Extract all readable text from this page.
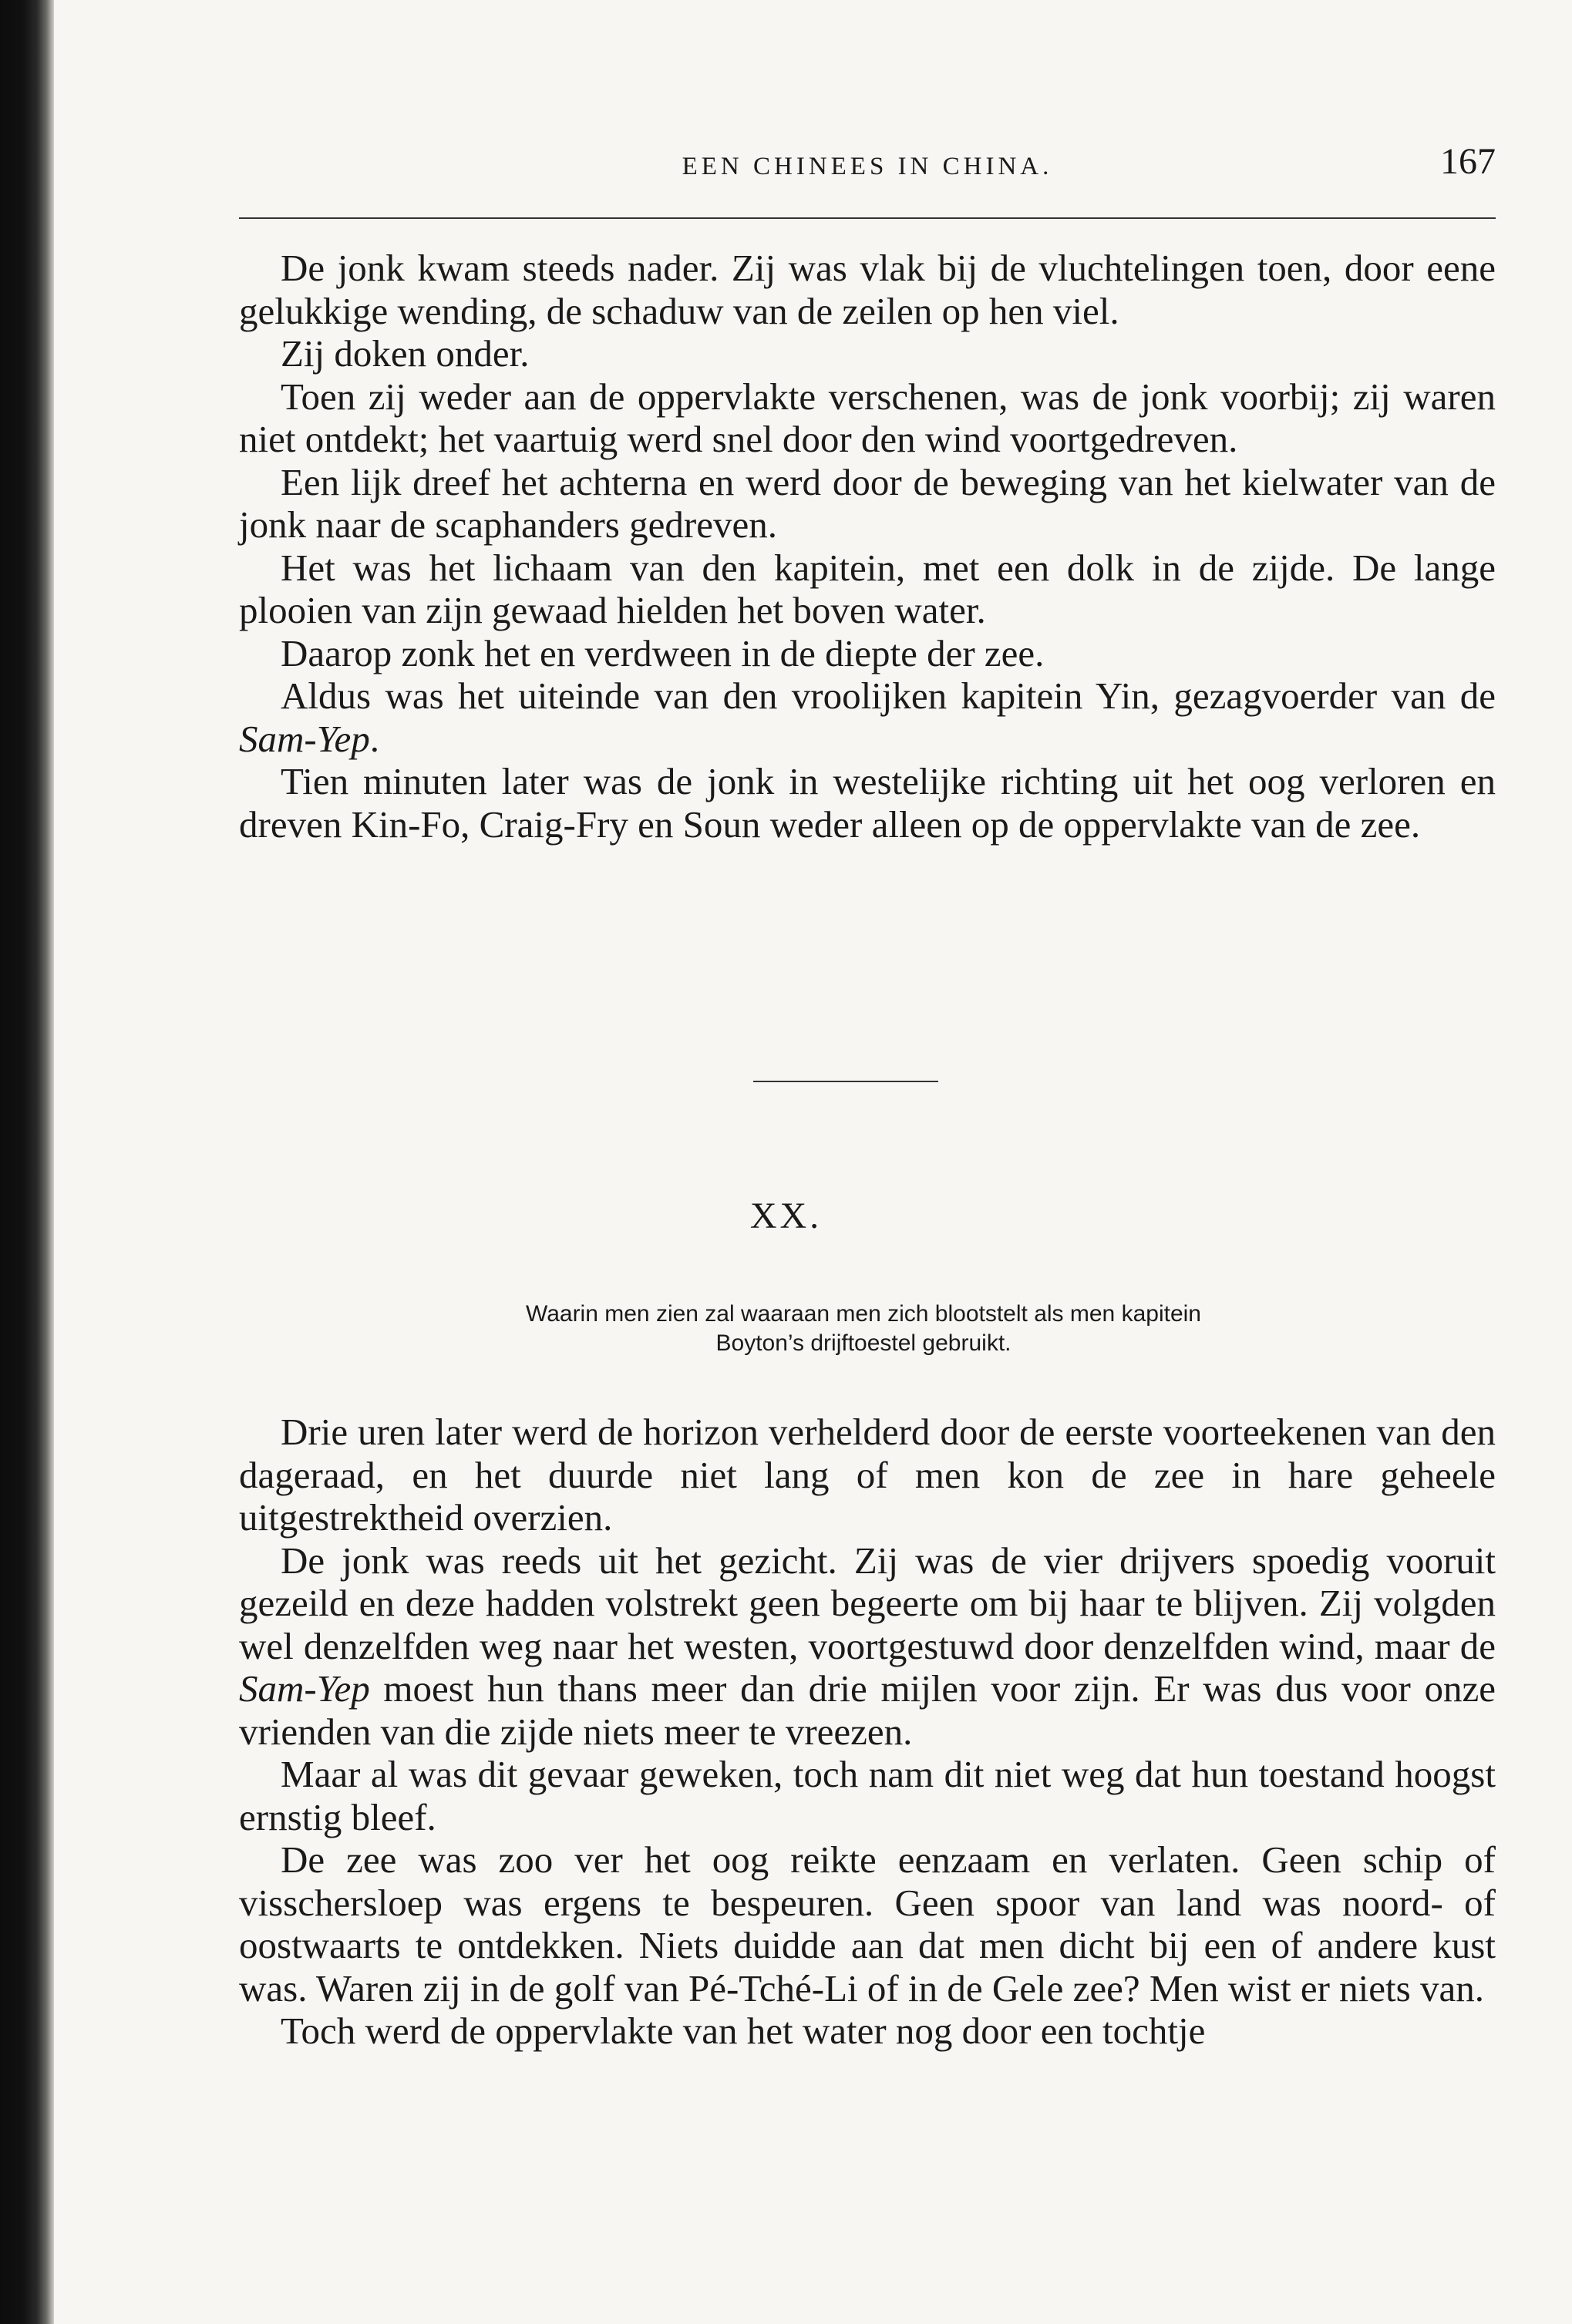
EEN CHINEES IN CHINA.	167

De jonk kwam steeds nader. Zij was vlak bij de vluchtelingen toen, door eene gelukkige wending, de schaduw van de zeilen op hen viel.

Zij doken onder.

Toen zij weder aan de oppervlakte verschenen, was de jonk voorbij; zij waren niet ontdekt; het vaartuig werd snel door den wind voortgedreven.

Een lijk dreef het achterna en werd door de beweging van het kielwater van de jonk naar de scaphanders gedreven.

Het was het lichaam van den kapitein, met een dolk in de zijde. De lange plooien van zijn gewaad hielden het boven water.

Daarop zonk het en verdween in de diepte der zee.

Aldus was het uiteinde van den vroolijken kapitein Yin, gezagvoerder van de Sam-Yep.

Tien minuten later was de jonk in westelijke richting uit het oog verloren en dreven Kin-Fo, Craig-Fry en Soun weder alleen op de oppervlakte van de zee.

XX.
Waarin men zien zal waaraan men zich blootstelt als men kapitein
Boyton’s drijftoestel gebruikt.

Drie uren later werd de horizon verhelderd door de eerste voorteekenen van den dageraad, en het duurde niet lang of men kon de zee in hare geheele uitgestrektheid overzien.

De jonk was reeds uit het gezicht. Zij was de vier drijvers spoedig vooruit gezeild en deze hadden volstrekt geen begeerte om bij haar te blijven. Zij volgden wel denzelfden weg naar het westen, voortgestuwd door denzelfden wind, maar de Sam-Yep moest hun thans meer dan drie mijlen voor zijn. Er was dus voor onze vrienden van die zijde niets meer te vreezen.

Maar al was dit gevaar geweken, toch nam dit niet weg dat hun toestand hoogst ernstig bleef.

De zee was zoo ver het oog reikte eenzaam en verlaten. Geen schip of visschersloep was ergens te bespeuren. Geen spoor van land was noord- of oostwaarts te ontdekken. Niets duidde aan dat men dicht bij een of andere kust was. Waren zij in de golf van Pé-Tché-Li of in de Gele zee? Men wist er niets van.

Toch werd de oppervlakte van het water nog door een tochtje
